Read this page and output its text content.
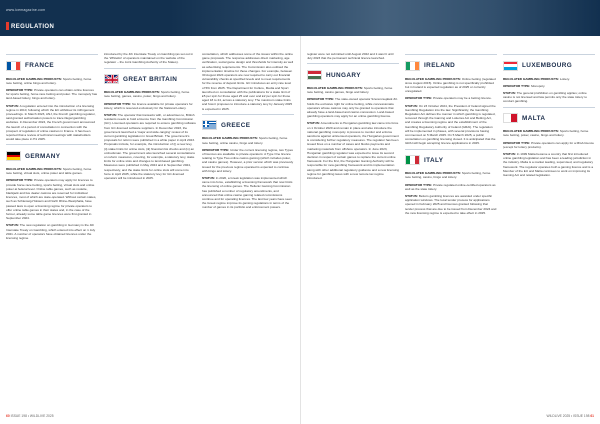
www.icemagazine.com
REGULATION
FRANCE

REGULATED GAMBLING PRODUCTS: Sports betting, horse race betting, online bingo and lottery.

OPERATOR TYPE: Private operators can obtain online licences for sports betting, horse race betting and poker. The monopoly has land-based lottery, bingo and lottery.

STATUS: A regulation entered into the introduction of a licensing regime in 2010, following which the EC withdrew its infringement proceedings. In March 2023, ANJ, the French gambling regulator, said granted authorisation powers to trace illegal gambling websites. In December 2024, the French government announced the launch of a period of consultation in connection with the prospect of regulation of online casinos in France. It has been reported that a review of technical meetings with stakeholders would take place in H1 2025.

GERMANY

REGULATED GAMBLING PRODUCTS: Sports betting, horse race betting, virtual slots, online poker and table games.

OPERATOR TYPE: Private operators may apply for licences to provide horse race betting, sports betting, virtual slots and online poker at federal level. Online table games, such as roulette, blackjack and live dealer casinos are reserved for individual licences, most of which are state-operated. Without certain states, such as Schleswig-Holstein and North Rhine-Westphalia, have passed laws to open a licensing regime for private operators to offer online table games in their states and, in the case of the former, already some table game licences were first granted in September 2024.

STATUS: The new regulation on gambling in Germany is the 4th Interstate Treaty on Gambling, which entered into effect on 1 July 2021. A number of operators have obtained licences under the licensing regime

introduced by the 4th Interstate Treaty on Gambling (as set out in the 'Whitelist' of operators maintained on the website of the regulator – the Joint Gambling Authority of the States).

GREAT BRITAIN

REGULATED GAMBLING PRODUCTS: Sports betting, horse race betting, games, casino, poker, bingo and lottery.

OPERATOR TYPE: No licence available for private operators for lottery, which is reserved exclusively for the National Lottery.

STATUS: The operator that transacts with, or advertises to, British residents needs to hold a licence from the Gambling Commission (GC). Licensed operators are required to ensure gambling software from GC-licensed software suppliers. In December 2023, the government launched a 'major and wide-ranging' review of its current gambling legislation in Great Britain. The government's proposals for reform were published in a white paper in April 2023. Proposals include, for example, the introduction of (i) a new levy, (ii) stake limits for online slots, (iii) financial risk checks and (iv) an ombudsman. The government also launched several consultations on reform measures, covering, for example, a statutory levy, stake limits for online slots and changes to land-based gambling. Measures were published in May 2024 and in September 2024, respectively, and the stake limits for online slots will come into force in April 2025, while the statutory levy for GC-licensed operators will be introduced in 2025.

consultation, which addresses some of the issues within the online game proposals. The response addresses direct marketing, age verification, social game design and thresholds for intensity as well as advertising requirements. The Commission also outlined the implementation timeline for these changes. For example, between 30 August 2024 operators are now required to carry out financial vulnerability checks at specified levels and to meet requirements for the reverse of deposit limits. GC introduces an entry rate level of 5% from 2025. The Department for Culture, Media and Sport launched on consultation with the publications for a stake limit of £5 per spin for those aged 25 and over and £2 per spin for those aged 18 to 24, across a statutory levy. The maximum stake limits and how it proposes to introduce a statutory levy by January 2025 is expected in 2025.

GREECE

REGULATED GAMBLING PRODUCTS: Sports betting, horse race betting, online casino, bingo and lottery.

OPERATOR TYPE: Under the current licensing regime, two Types of licences are available to private operators: A Type One licence relating to Type Two online casino gaming (which includes poker, and casino games). However, a prior version which was previously issued for the previous regime operated is expected to continue with bingo and lottery.

STATUS: In 2020, a Greek legislation was implemented which came into force, establishing a licensing framework that now limits the licensing of online games. The Hellenic Gaming Commission has published a number of regulatory amendments, and announced that online casino gaming related commissions continue and for operating licences. The last few years have seen the Greek regime improve its gaming regulations in terms of the number of games in its portfolio and enforcement powers.

60 ISSUE 198 • WILDLIVE 2025

register were not submitted until August 2022 and it wasn't until July 2023 that the permanent technical licence launched.

HUNGARY

REGULATED GAMBLING PRODUCTS: Sports betting, horse race betting, casino games, bingo and lottery.

OPERATOR TYPE: The state-owned operator Szerencsejáték Zrt. holds the exclusive right for online betting, while concessionaire operators whose casinos may only be granted to operators that already have a land-based and casino concession. Land-based gambling operators may apply for an online gambling licence.

STATUS: Amendments to Hungarian gambling law came into force on 1 October 2020 and remain in place and also introduce the national gambling monopoly. A process to monitor and enforce sanctions against unlicensed operators, the Hungarian government is considering further regulatory measures. The regulator has been issued fines on a number of cases and blocks payments and marketing materials from offshore operators. In June 2023, Hungarian gambling regulator was expected to issue its second decision in respect of certain games to replace the current online framework. For the first, the Hungarian Gaming Authority will be responsible for new gambling framework and its implementation along with other additional regulatory guidance and a new licensing regime for gambling taxes with a new remote tax regime introduced.

IRELAND

REGULATED GAMBLING PRODUCTS: Online betting (regulated since August 2015). Online gambling is not specifically prohibited but in Ireland is expected regulation as of 2025 or currently unregulated.

OPERATOR TYPE: Private operators may be a betting licence.

STATUS: On 23 October 2024, the President of Ireland signed the Gambling Regulation into the law. Significantly, the Gambling Regulation Act defines the manner in which gambling is regulated, removed through the Gaming and Lotteries Act and Betting Act, and creates a licensing regime and the establishment of the Gambling Regulatory Authority of Ireland (GRAI). The regulation will be implemented in phases, with several provisions having commenced on 5 March 2025. On 5 March 2025, a public consultation on gambling licensing closed. It is anticipated that the GRAI will begin accepting licence applications in 2025.

ITALY

REGULATED GAMBLING PRODUCTS: Sports betting, horse race betting, casino, bingo and lottery.

OPERATOR TYPE: Private regulated online-certified operators as well as the state lottery.

STATUS: Bettors gambling licences are awarded under specific application windows. The local tender process for applications opened in February 2025 and licences granted following that tender process that are due to be issued from December 2024 and the new licensing regime is expected to take effect in 2025.

LUXEMBOURG

REGULATED GAMBLING PRODUCTS: Lottery.

OPERATOR TYPE: Monopoly.

STATUS: The general prohibition on gambling applies; online casino is not licensed and law permits only the state lottery to conduct gambling.

MALTA

REGULATED GAMBLING PRODUCTS: Sports betting, horse race betting, poker, casino, bingo and lottery.

OPERATOR TYPE: Private operators can apply for a MGA licence (except for lottery products).

STATUS: In 1999 Malta became a country that first introduced online gambling legislation and has been a leading jurisdiction in the industry. Malta is a market leading, supervised, and regulatory framework. The regulator operates both a gaming licence and is a Member of the EU and Malta continues to work on improving its Gaming Act and related legislation.

WILDLIVE 2025 • ISSUE 198 61
